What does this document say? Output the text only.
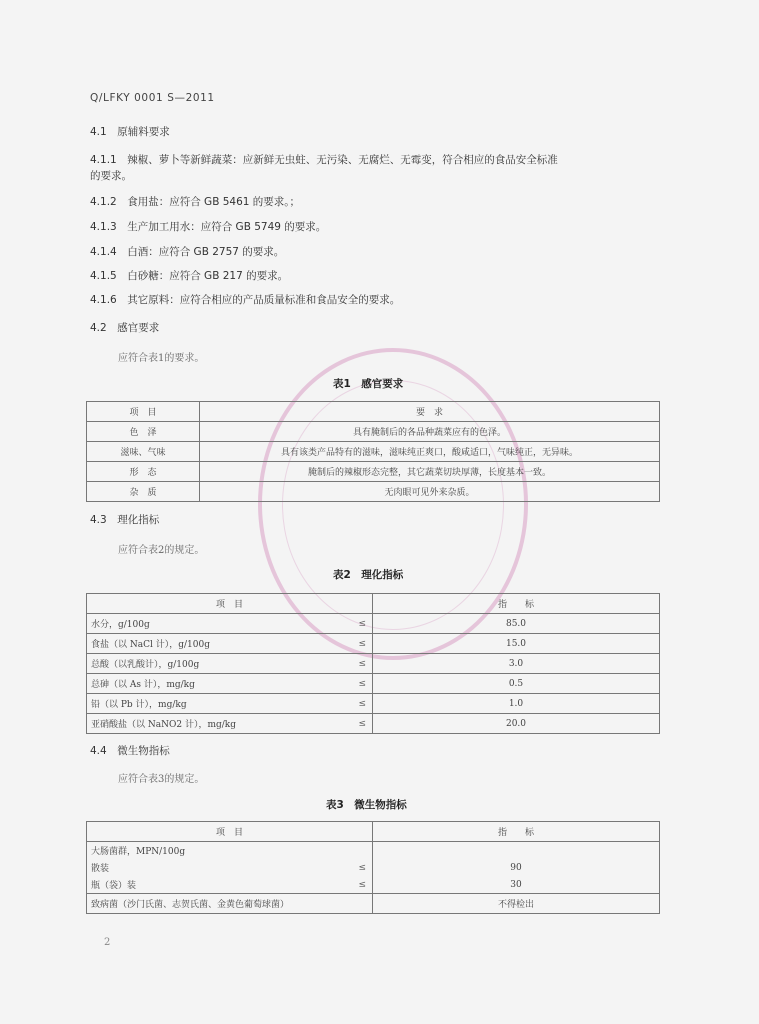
Q/LFKY 0001 S—2011
4.1　原辅料要求
4.1.1　辣椒、萝卜等新鲜蔬菜：应新鲜无虫蛀、无污染、无腐烂、无霉变，符合相应的食品安全标准
的要求。
4.1.2　食用盐：应符合 GB 5461 的要求。；
4.1.3　生产加工用水：应符合 GB 5749 的要求。
4.1.4　白酒：应符合 GB 2757 的要求。
4.1.5　白砂糖：应符合 GB 217 的要求。
4.1.6　其它原料：应符合相应的产品质量标准和食品安全的要求。
4.2　感官要求
应符合表1的要求。
表1　感官要求
项　目	要　求
色　泽	具有腌制后的各品种蔬菜应有的色泽。
滋味、气味	具有该类产品特有的滋味，滋味纯正爽口，酸咸适口，气味纯正，无异味。
形　态	腌制后的辣椒形态完整，其它蔬菜切块厚薄，长度基本一致。
杂　质	无肉眼可见外来杂质。
4.3　理化指标
应符合表2的规定。
表2　理化指标
项　目	指　　标
水分，g/100g ≤	85.0
食盐（以 NaCl 计），g/100g ≤	15.0
总酸（以乳酸计），g/100g ≤	3.0
总砷（以 As 计），mg/kg ≤	0.5
铅（以 Pb 计），mg/kg ≤	1.0
亚硝酸盐（以 NaNO2 计），mg/kg ≤	20.0
4.4　微生物指标
应符合表3的规定。
表3　微生物指标
项　目	指　　标
大肠菌群，MPN/100g	
散装 ≤	90
瓶（袋）装 ≤	30
致病菌（沙门氏菌、志贺氏菌、金黄色葡萄球菌）	不得检出
2
